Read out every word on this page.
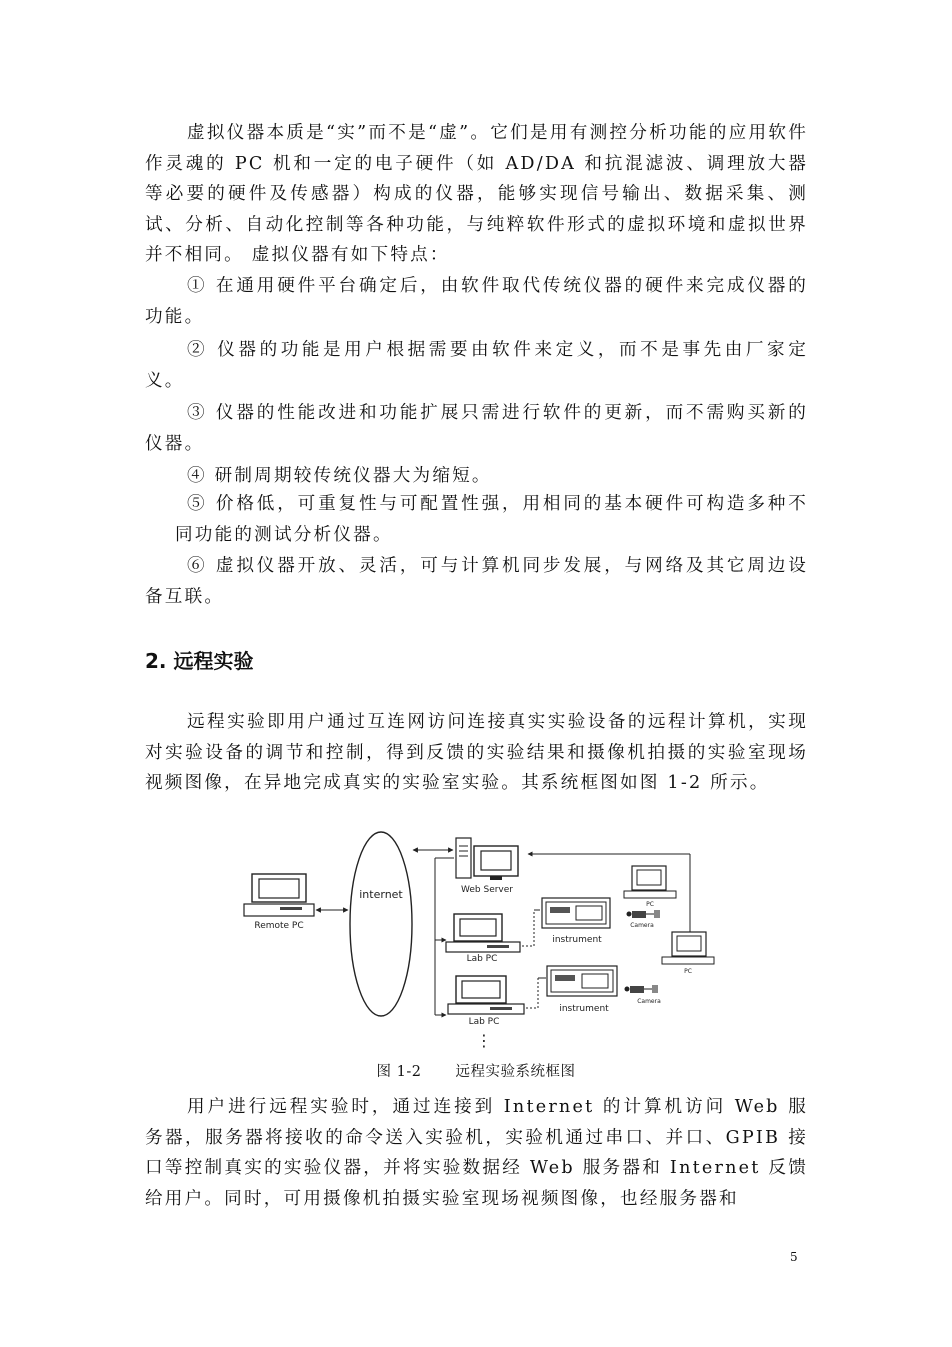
虚拟仪器本质是“实”而不是“虚”。它们是用有测控分析功能的应用软件作灵魂的 PC 机和一定的电子硬件（如 AD/DA 和抗混滤波、调理放大器等必要的硬件及传感器）构成的仪器，能够实现信号输出、数据采集、测试、分析、自动化控制等各种功能，与纯粹软件形式的虚拟环境和虚拟世界并不相同。 虚拟仪器有如下特点：

① 在通用硬件平台确定后，由软件取代传统仪器的硬件来完成仪器的功能。

② 仪器的功能是用户根据需要由软件来定义，而不是事先由厂家定义。

③ 仪器的性能改进和功能扩展只需进行软件的更新，而不需购买新的仪器。

④ 研制周期较传统仪器大为缩短。

⑤ 价格低，可重复性与可配置性强，用相同的基本硬件可构造多种不同功能的测试分析仪器。

⑥ 虚拟仪器开放、灵活，可与计算机同步发展，与网络及其它周边设备互联。

2. 远程实验

远程实验即用户通过互连网访问连接真实实验设备的远程计算机，实现对实验设备的调节和控制，得到反馈的实验结果和摄像机拍摄的实验室现场视频图像，在异地完成真实的实验室实验。其系统框图如图 1-2 所示。

internet
Remote PC
Web Server
Lab PC
instrument
Lab PC
instrument
PC
Camera
PC
Camera
⋮

图 1-2 远程实验系统框图

用户进行远程实验时，通过连接到 Internet 的计算机访问 Web 服务器，服务器将接收的命令送入实验机，实验机通过串口、并口、GPIB 接口等控制真实的实验仪器，并将实验数据经 Web 服务器和 Internet 反馈给用户。同时，可用摄像机拍摄实验室现场视频图像，也经服务器和

5
